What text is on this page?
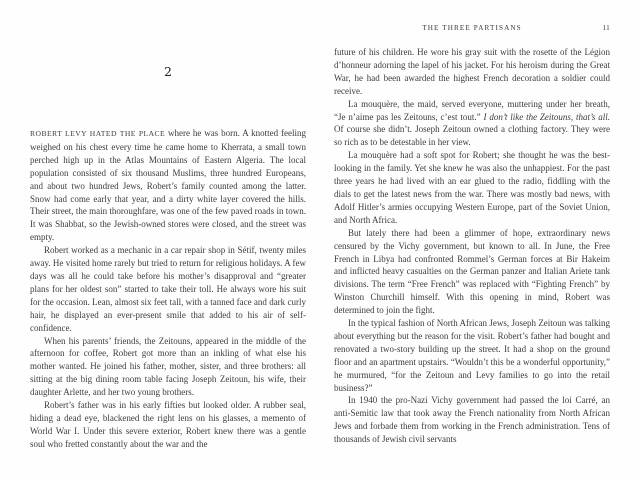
2

ROBERT LEVY HATED THE PLACE where he was born. A knotted feeling weighed on his chest every time he came home to Kherrata, a small town perched high up in the Atlas Mountains of Eastern Algeria. The local population consisted of six thousand Muslims, three hundred Europeans, and about two hundred Jews, Robert’s family counted among the latter. Snow had come early that year, and a dirty white layer covered the hills. Their street, the main thoroughfare, was one of the few paved roads in town. It was Shabbat, so the Jewish-owned stores were closed, and the street was empty.

Robert worked as a mechanic in a car repair shop in Sétif, twenty miles away. He visited home rarely but tried to return for religious holidays. A few days was all he could take before his mother’s disapproval and “greater plans for her oldest son” started to take their toll. He always wore his suit for the occasion. Lean, almost six feet tall, with a tanned face and dark curly hair, he displayed an ever-present smile that added to his air of self-confidence.

When his parents’ friends, the Zeitouns, appeared in the middle of the afternoon for coffee, Robert got more than an inkling of what else his mother wanted. He joined his father, mother, sister, and three brothers: all sitting at the big dining room table facing Joseph Zeitoun, his wife, their daughter Arlette, and her two young brothers.

Robert’s father was in his early fifties but looked older. A rubber seal, hiding a dead eye, blackened the right lens on his glasses, a memento of World War I. Under this severe exterior, Robert knew there was a gentle soul who fretted constantly about the war and the

THE THREE PARTISANS	11

future of his children. He wore his gray suit with the rosette of the Légion d’honneur adorning the lapel of his jacket. For his heroism during the Great War, he had been awarded the highest French decoration a soldier could receive.

La mouquère, the maid, served everyone, muttering under her breath, “Je n’aime pas les Zeitouns, c’est tout.” I don’t like the Zeitouns, that’s all. Of course she didn’t. Joseph Zeitoun owned a clothing factory. They were so rich as to be detestable in her view.

La mouquère had a soft spot for Robert; she thought he was the best-looking in the family. Yet she knew he was also the unhappiest. For the past three years he had lived with an ear glued to the radio, fiddling with the dials to get the latest news from the war. There was mostly bad news, with Adolf Hitler’s armies occupying Western Europe, part of the Soviet Union, and North Africa.

But lately there had been a glimmer of hope, extraordinary news censured by the Vichy government, but known to all. In June, the Free French in Libya had confronted Rommel’s German forces at Bir Hakeim and inflicted heavy casualties on the German panzer and Italian Ariete tank divisions. The term “Free French” was replaced with “Fighting French” by Winston Churchill himself. With this opening in mind, Robert was determined to join the fight.

In the typical fashion of North African Jews, Joseph Zeitoun was talking about everything but the reason for the visit. Robert’s father had bought and renovated a two-story building up the street. It had a shop on the ground floor and an apartment upstairs. “Wouldn’t this be a wonderful opportunity,” he murmured, “for the Zeitoun and Levy families to go into the retail business?”

In 1940 the pro-Nazi Vichy government had passed the loi Carré, an anti-Semitic law that took away the French nationality from North African Jews and forbade them from working in the French administration. Tens of thousands of Jewish civil servants
